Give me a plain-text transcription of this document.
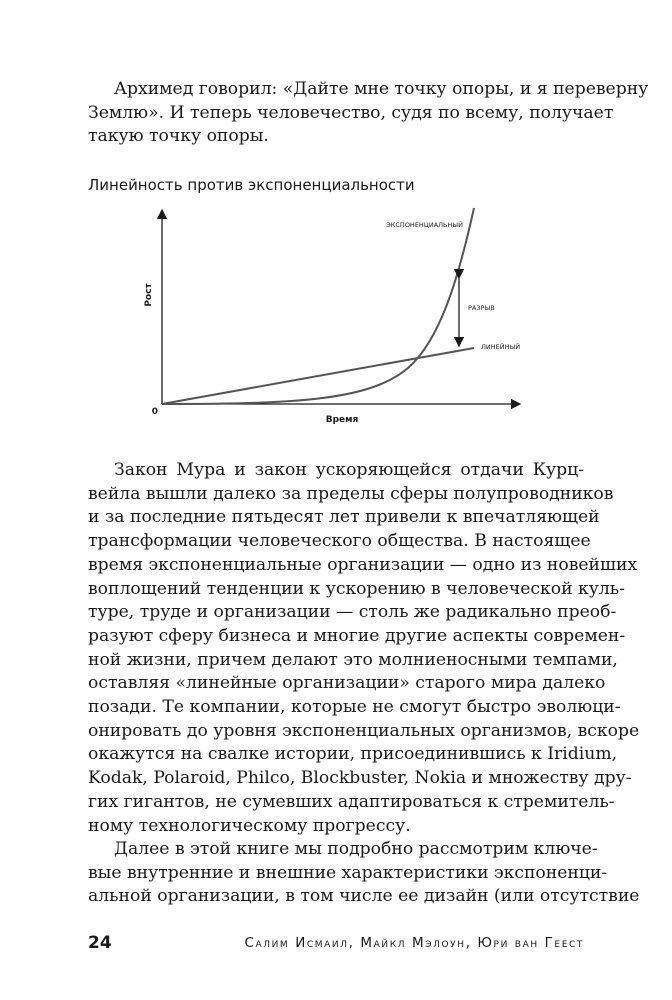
Архимед говорил: «Дайте мне точку опоры, и я переверну
Землю». И теперь человечество, судя по всему, получает
такую точку опоры.
Линейность против экспоненциальности
Рост
Время
0
ЭКСПОНЕНЦИАЛЬНЫЙ
РАЗРЫВ
ЛИНЕЙНЫЙ
Закон Мура и закон ускоряющейся отдачи Курц-
вейла вышли далеко за пределы сферы полупроводников
и за последние пятьдесят лет привели к впечатляющей
трансформации человеческого общества. В настоящее
время экспоненциальные организации — одно из новейших
воплощений тенденции к ускорению в человеческой куль-
туре, труде и организации — столь же радикально преоб-
разуют сферу бизнеса и многие другие аспекты современ-
ной жизни, причем делают это молниеносными темпами,
оставляя «линейные организации» старого мира далеко
позади. Те компании, которые не смогут быстро эволюци-
онировать до уровня экспоненциальных организмов, вскоре
окажутся на свалке истории, присоединившись к Iridium,
Kodak, Polaroid, Philco, Blockbuster, Nokia и множеству дру-
гих гигантов, не сумевших адаптироваться к стремитель-
ному технологическому прогрессу.
Далее в этой книге мы подробно рассмотрим ключе-
вые внутренние и внешние характеристики экспоненци-
альной организации, в том числе ее дизайн (или отсутствие
24	Салим Исмаил, Майкл Мэлоун, Юри ван Геест
